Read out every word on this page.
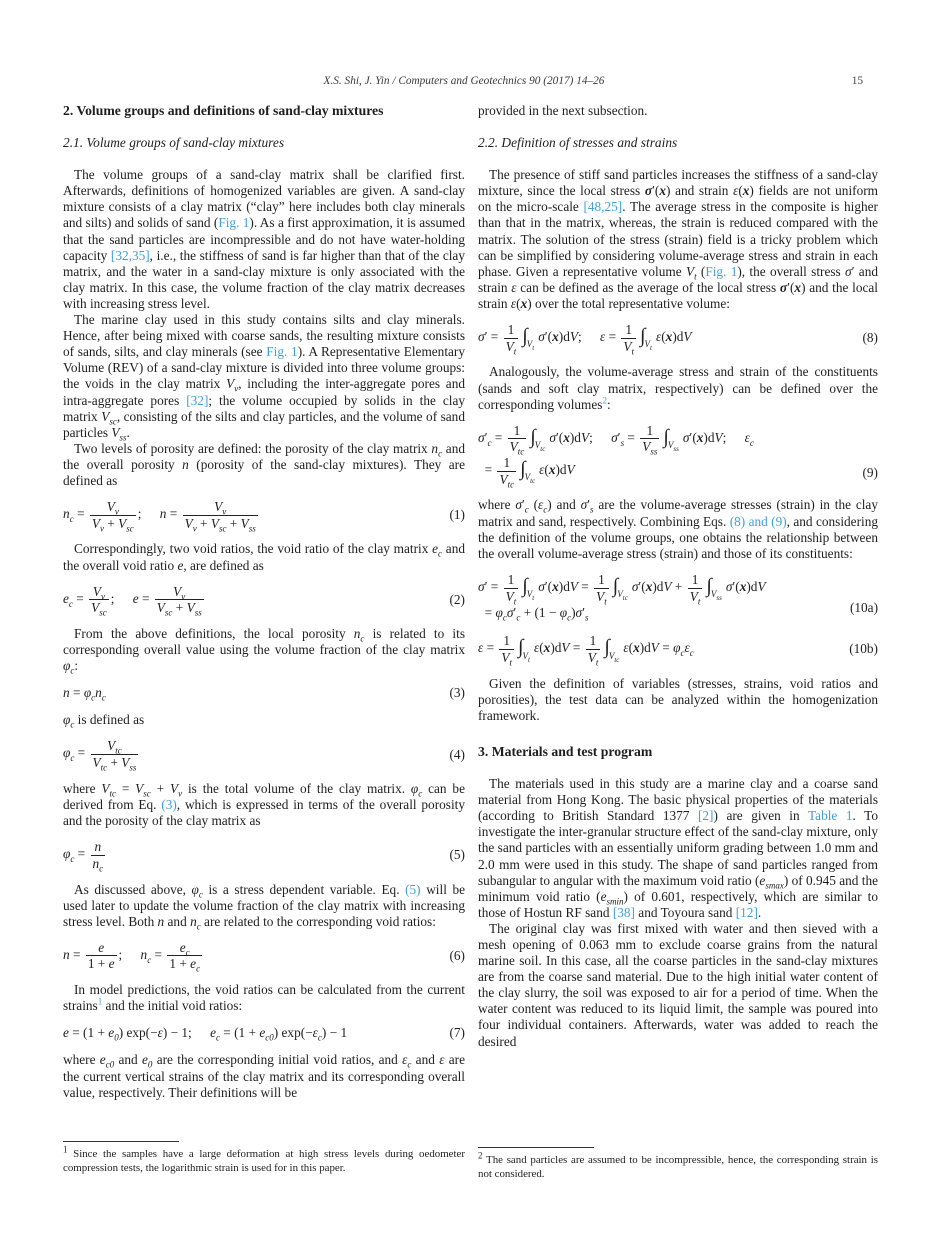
X.S. Shi, J. Yin / Computers and Geotechnics 90 (2017) 14–26	15
2. Volume groups and definitions of sand-clay mixtures
2.1. Volume groups of sand-clay mixtures
The volume groups of a sand-clay matrix shall be clarified first. Afterwards, definitions of homogenized variables are given. A sand-clay mixture consists of a clay matrix (“clay” here includes both clay minerals and silts) and solids of sand (Fig. 1). As a first approximation, it is assumed that the sand particles are incompressible and do not have water-holding capacity [32,35], i.e., the stiffness of sand is far higher than that of the clay matrix, and the water in a sand-clay mixture is only associated with the clay matrix. In this case, the volume fraction of the clay matrix decreases with increasing stress level.
The marine clay used in this study contains silts and clay minerals. Hence, after being mixed with coarse sands, the resulting mixture consists of sands, silts, and clay minerals (see Fig. 1). A Representative Elementary Volume (REV) of a sand-clay mixture is divided into three volume groups: the voids in the clay matrix $V_v$, including the inter-aggregate pores and intra-aggregate pores [32]; the volume occupied by solids in the clay matrix $V_{sc}$, consisting of the silts and clay particles, and the volume of sand particles $V_{ss}$.
Two levels of porosity are defined: the porosity of the clay matrix $n_c$ and the overall porosity n (porosity of the sand-clay mixtures). They are defined as
$n_c$ =	$V_v$
$V_v + V_{sc}$
; n =	$V_v$
$V_v + V_{sc} + V_{ss}$
(1)
Correspondingly, two void ratios, the void ratio of the clay matrix $e_c$ and the overall void ratio e, are defined as
$e_c = V_v$
$V_{sc}$
; e =	$V_v$
$V_{sc} + V_{ss}$
(2)
From the above definitions, the local porosity $n_c$ is related to its corresponding overall value using the volume fraction of the clay matrix $\varphi_c$:
$n = \varphi_cn_c$	(3)
$\varphi_c$ is defined as
$\varphi_c$ =	$V_{tc}$
$V_{tc} + V_{ss}$
(4)
where $V_{tc} = V_{sc} + V_v$ is the total volume of the clay matrix. $\varphi_c$ can be derived from Eq. (3), which is expressed in terms of the overall porosity and the porosity of the clay matrix as
$\varphi_c = \frac{n}{n_c}$	(5)
As discussed above, $\varphi_c$ is a stress dependent variable. Eq. (5) will be used later to update the volume fraction of the clay matrix with increasing stress level. Both n and $n_c$ are related to the corresponding void ratios:
$n = \frac{e}{1 + e}$ ; $n_c = \frac{e_c}{1 + e_c}$	(6)
In model predictions, the void ratios can be calculated from the current strains$^1$ and the initial void ratios:
$e = (1 + e_0)$ exp(−ε) − 1; $e_c = (1 + e_{c0}) \exp(-\varepsilon_c) - 1$	(7)
where $e_{c0}$ and $e_0$ are the corresponding initial void ratios, and $\varepsilon_c$ and ε are the current vertical strains of the clay matrix and its corresponding overall value, respectively. Their definitions will be
provided in the next subsection.
2.2. Definition of stresses and strains
The presence of stiff sand particles increases the stiffness of a sand-clay mixture, since the local stress σ′(x) and strain ε(x) fields are not uniform on the micro-scale [48,25]. The average stress in the composite is higher than that in the matrix, whereas, the strain is reduced compared with the matrix. The solution of the stress (strain) field is a tricky problem which can be simplified by considering volume-average stress and strain in each phase. Given a representative volume $V_t$ (Fig. 1), the overall stress σ′ and strain ε can be defined as the average of the local stress σ′(x) and the local strain ε(x) over the total representative volume:
$\sigma' = \frac{1}{V_t} \int_{V_t}\sigma'(x)dV$; $\varepsilon = \frac{1}{V_t} \int_{V_t}\varepsilon(x)dV$	(8)
Analogously, the volume-average stress and strain of the constituents (sands and soft clay matrix, respectively) can be defined over the corresponding volumes$^2$:
$\sigma'_c = 1$
$V_{tc}$
$\int_{V_{tc}}\sigma'(x)dV$; $\sigma'_s = 1$
$V_{ss}$
$\int_{V_{ss}}\sigma'(x)dV$; $\varepsilon_c$
= 1
$V_{tc}$
$\int_{V_{tc}}\varepsilon(x)dV$	(9)
where $\sigma'_c$ $(\varepsilon_c)$ and $\sigma'_s$ are the volume-average stresses (strain) in the clay matrix and sand, respectively. Combining Eqs. (8) and (9), and considering the definition of the volume groups, one obtains the relationship between the overall volume-average stress (strain) and those of its constituents:
$\sigma' = \frac{1}{V_t} \int_{V_t}\sigma'(x)dV = \frac{1}{V_t} \int_{V_{tc}}\sigma'(x)dV + \frac{1}{V_t} \int_{V_{ss}}\sigma'(x)dV$
= $\varphi_c\sigma'_c + (1 - \varphi_c)\sigma'_s$
(10a)
$\varepsilon = \frac{1}{V_t} \int_{V_t}\varepsilon(x)dV = \frac{1}{V_t} \int_{V_{tc}}\varepsilon(x)dV = \varphi_c\varepsilon_c$	(10b)
Given the definition of variables (stresses, strains, void ratios and porosities), the test data can be analyzed within the homogenization framework.
3. Materials and test program
The materials used in this study are a marine clay and a coarse sand material from Hong Kong. The basic physical properties of the materials (according to British Standard 1377 [2]) are given in Table 1. To investigate the inter-granular structure effect of the sand-clay mixture, only the sand particles with an essentially uniform grading between 1.0 mm and 2.0 mm were used in this study. The shape of sand particles ranged from subangular to angular with the maximum void ratio $(e_{smax})$ of 0.945 and the minimum void ratio $(e_{smin})$ of 0.601, respectively, which are similar to those of Hostun RF sand [38] and Toyoura sand [12].
The original clay was first mixed with water and then sieved with a mesh opening of 0.063 mm to exclude coarse grains from the natural marine soil. In this case, all the coarse particles in the sand-clay mixtures are from the coarse sand material. Due to the high initial water content of the clay slurry, the soil was exposed to air for a period of time. When the water content was reduced to its liquid limit, the sample was poured into four individual containers. Afterwards, water was added to reach the desired
$^1$ Since the samples have a large deformation at high stress levels during oedometer compression tests, the logarithmic strain is used for in this paper.
$^2$ The sand particles are assumed to be incompressible, hence, the corresponding strain is not considered.
